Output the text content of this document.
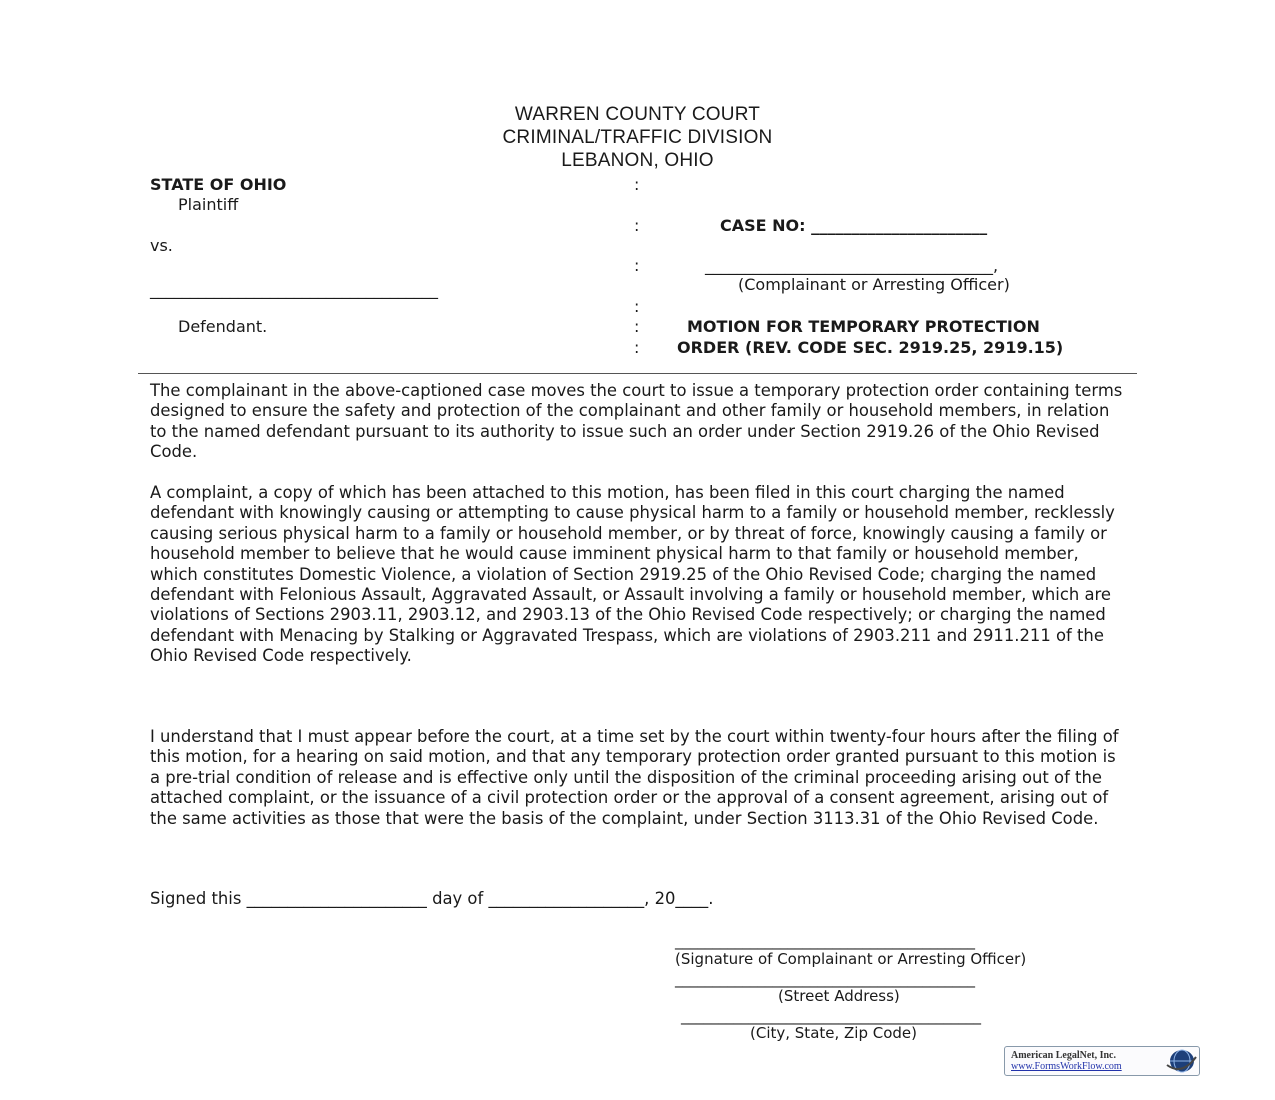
WARREN COUNTY COURT
CRIMINAL/TRAFFIC DIVISION
LEBANON, OHIO
STATE OF OHIO
Plaintiff
vs.
____________________________________
Defendant.
:
:
:
:
:
:
CASE NO: ______________________
____________________________________,
(Complainant or Arresting Officer)
MOTION FOR TEMPORARY PROTECTION
ORDER (REV. CODE SEC. 2919.25, 2919.15)

The complainant in the above-captioned case moves the court to issue a temporary protection order containing terms designed to ensure the safety and protection of the complainant and other family or household members, in relation to the named defendant pursuant to its authority to issue such an order under Section 2919.26 of the Ohio Revised Code.

A complaint, a copy of which has been attached to this motion, has been filed in this court charging the named defendant with knowingly causing or attempting to cause physical harm to a family or household member, recklessly causing serious physical harm to a family or household member, or by threat of force, knowingly causing a family or household member to believe that he would cause imminent physical harm to that family or household member, which constitutes Domestic Violence, a violation of Section 2919.25 of the Ohio Revised Code; charging the named defendant with Felonious Assault, Aggravated Assault, or Assault involving a family or household member, which are violations of Sections 2903.11, 2903.12, and 2903.13 of the Ohio Revised Code respectively; or charging the named defendant with Menacing by Stalking or Aggravated Trespass, which are violations of 2903.211 and 2911.211 of the Ohio Revised Code respectively.

I understand that I must appear before the court, at a time set by the court within twenty-four hours after the filing of this motion, for a hearing on said motion, and that any temporary protection order granted pursuant to this motion is a pre-trial condition of release and is effective only until the disposition of the criminal proceeding arising out of the attached complaint, or the issuance of a civil protection order or the approval of a consent agreement, arising out of the same activities as those that were the basis of the complaint, under Section 3113.31 of the Ohio Revised Code.

Signed this ______________________ day of ___________________, 20____.
________________________________________
(Signature of Complainant or Arresting Officer)
________________________________________
(Street Address)
________________________________________
(City, State, Zip Code)
American LegalNet, Inc.
www.FormsWorkFlow.com
